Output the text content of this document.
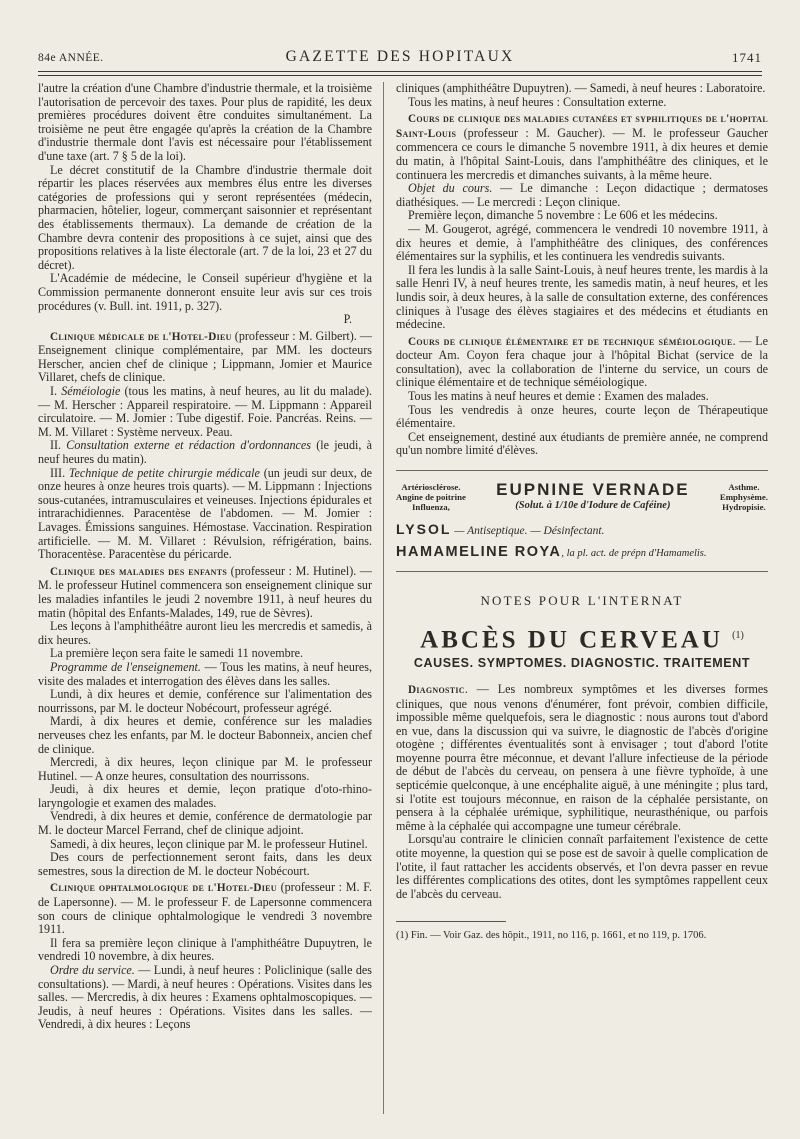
84e ANNÉE.	GAZETTE DES HOPITAUX	1741

l'autre la création d'une Chambre d'industrie thermale, et la troisième l'autorisation de percevoir des taxes. Pour plus de rapidité, les deux premières procédures doivent être conduites simultanément. La troisième ne peut être engagée qu'après la création de la Chambre d'industrie thermale dont l'avis est nécessaire pour l'établissement d'une taxe (art. 7 § 5 de la loi).

Le décret constitutif de la Chambre d'industrie thermale doit répartir les places réservées aux membres élus entre les diverses catégories de professions qui y seront représentées (médecin, pharmacien, hôtelier, logeur, commerçant saisonnier et représentant des établissements thermaux). La demande de création de la Chambre devra contenir des propositions à ce sujet, ainsi que des propositions relatives à la liste électorale (art. 7 de la loi, 23 et 27 du décret).

L'Académie de médecine, le Conseil supérieur d'hygiène et la Commission permanente donneront ensuite leur avis sur ces trois procédures (v. Bull. int. 1911, p. 327).

P.

Clinique médicale de l'Hotel-Dieu (professeur : M. Gilbert). — Enseignement clinique complémentaire, par MM. les docteurs Herscher, ancien chef de clinique ; Lippmann, Jomier et Maurice Villaret, chefs de clinique.

I. Séméiologie (tous les matins, à neuf heures, au lit du malade). — M. Herscher : Appareil respiratoire. — M. Lippmann : Appareil circulatoire. — M. Jomier : Tube digestif. Foie. Pancréas. Reins. — M. M. Villaret : Système nerveux. Peau.

II. Consultation externe et rédaction d'ordonnances (le jeudi, à neuf heures du matin).

III. Technique de petite chirurgie médicale (un jeudi sur deux, de onze heures à onze heures trois quarts). — M. Lippmann : Injections sous-cutanées, intramusculaires et veineuses. Injections épidurales et intrarachidiennes. Paracentèse de l'abdomen. — M. Jomier : Lavages. Émissions sanguines. Hémostase. Vaccination. Respiration artificielle. — M. M. Villaret : Révulsion, réfrigération, bains. Thoracentèse. Paracentèse du péricarde.

Clinique des maladies des enfants (professeur : M. Hutinel). — M. le professeur Hutinel commencera son enseignement clinique sur les maladies infantiles le jeudi 2 novembre 1911, à neuf heures du matin (hôpital des Enfants-Malades, 149, rue de Sèvres).

Les leçons à l'amphithéâtre auront lieu les mercredis et samedis, à dix heures.

La première leçon sera faite le samedi 11 novembre.

Programme de l'enseignement. — Tous les matins, à neuf heures, visite des malades et interrogation des élèves dans les salles.

Lundi, à dix heures et demie, conférence sur l'alimentation des nourrissons, par M. le docteur Nobécourt, professeur agrégé.

Mardi, à dix heures et demie, conférence sur les maladies nerveuses chez les enfants, par M. le docteur Babonneix, ancien chef de clinique.

Mercredi, à dix heures, leçon clinique par M. le professeur Hutinel. — A onze heures, consultation des nourrissons.

Jeudi, à dix heures et demie, leçon pratique d'oto-rhino-laryngologie et examen des malades.

Vendredi, à dix heures et demie, conférence de dermatologie par M. le docteur Marcel Ferrand, chef de clinique adjoint.

Samedi, à dix heures, leçon clinique par M. le professeur Hutinel.

Des cours de perfectionnement seront faits, dans les deux semestres, sous la direction de M. le docteur Nobécourt.

Clinique ophtalmologique de l'Hotel-Dieu (professeur : M. F. de Lapersonne). — M. le professeur F. de Lapersonne commencera son cours de clinique ophtalmologique le vendredi 3 novembre 1911.

Il fera sa première leçon clinique à l'amphithéâtre Dupuytren, le vendredi 10 novembre, à dix heures.

Ordre du service. — Lundi, à neuf heures : Policlinique (salle des consultations). — Mardi, à neuf heures : Opérations. Visites dans les salles. — Mercredis, à dix heures : Examens ophtalmoscopiques. — Jeudis, à neuf heures : Opérations. Visites dans les salles. — Vendredi, à dix heures : Leçons

cliniques (amphithéâtre Dupuytren). — Samedi, à neuf heures : Laboratoire.

Tous les matins, à neuf heures : Consultation externe.

Cours de clinique des maladies cutanées et syphilitiques de l'hopital Saint-Louis (professeur : M. Gaucher). — M. le professeur Gaucher commencera ce cours le dimanche 5 novembre 1911, à dix heures et demie du matin, à l'hôpital Saint-Louis, dans l'amphithéâtre des cliniques, et le continuera les mercredis et dimanches suivants, à la même heure.

Objet du cours. — Le dimanche : Leçon didactique ; dermatoses diathésiques. — Le mercredi : Leçon clinique.

Première leçon, dimanche 5 novembre : Le 606 et les médecins.

— M. Gougerot, agrégé, commencera le vendredi 10 novembre 1911, à dix heures et demie, à l'amphithéâtre des cliniques, des conférences élémentaires sur la syphilis, et les continuera les vendredis suivants.

Il fera les lundis à la salle Saint-Louis, à neuf heures trente, les mardis à la salle Henri IV, à neuf heures trente, les samedis matin, à neuf heures, et les lundis soir, à deux heures, à la salle de consultation externe, des conférences cliniques à l'usage des élèves stagiaires et des médecins et étudiants en médecine.

Cours de clinique élémentaire et de technique séméiologique. — Le docteur Am. Coyon fera chaque jour à l'hôpital Bichat (service de la consultation), avec la collaboration de l'interne du service, un cours de clinique élémentaire et de technique séméiologique.

Tous les matins à neuf heures et demie : Examen des malades.

Tous les vendredis à onze heures, courte leçon de Thérapeutique élémentaire.

Cet enseignement, destiné aux étudiants de première année, ne comprend qu'un nombre limité d'élèves.

Artériosclérose.
Angine de poitrine
Influenza,
EUPNINE VERNADE
(Solut. à 1/10e d'Iodure de Caféine)
Asthme.
Emphysème.
Hydropisie.
LYSOL — Antiseptique. — Désinfectant.
HAMAMELINE ROYA, la pl. act. de prépn d'Hamamelis.
NOTES POUR L'INTERNAT
ABCÈS DU CERVEAU $^{(1)}$
CAUSES. SYMPTOMES. DIAGNOSTIC. TRAITEMENT

Diagnostic. — Les nombreux symptômes et les diverses formes cliniques, que nous venons d'énumérer, font prévoir, combien difficile, impossible même quelquefois, sera le diagnostic : nous aurons tout d'abord en vue, dans la discussion qui va suivre, le diagnostic de l'abcès d'origine otogène ; différentes éventualités sont à envisager ; tout d'abord l'otite moyenne pourra être méconnue, et devant l'allure infectieuse de la période de début de l'abcès du cerveau, on pensera à une fièvre typhoïde, à une septicémie quelconque, à une encéphalite aiguë, à une méningite ; plus tard, si l'otite est toujours méconnue, en raison de la céphalée persistante, on pensera à la céphalée urémique, syphilitique, neurasthénique, ou parfois même à la céphalée qui accompagne une tumeur cérébrale.

Lorsqu'au contraire le clinicien connaît parfaitement l'existence de cette otite moyenne, la question qui se pose est de savoir à quelle complication de l'otite, il faut rattacher les accidents observés, et l'on devra passer en revue les différentes complications des otites, dont les symptômes rappellent ceux de l'abcès du cerveau.

(1) Fin. — Voir Gaz. des hôpit., 1911, no 116, p. 1661, et no 119, p. 1706.
